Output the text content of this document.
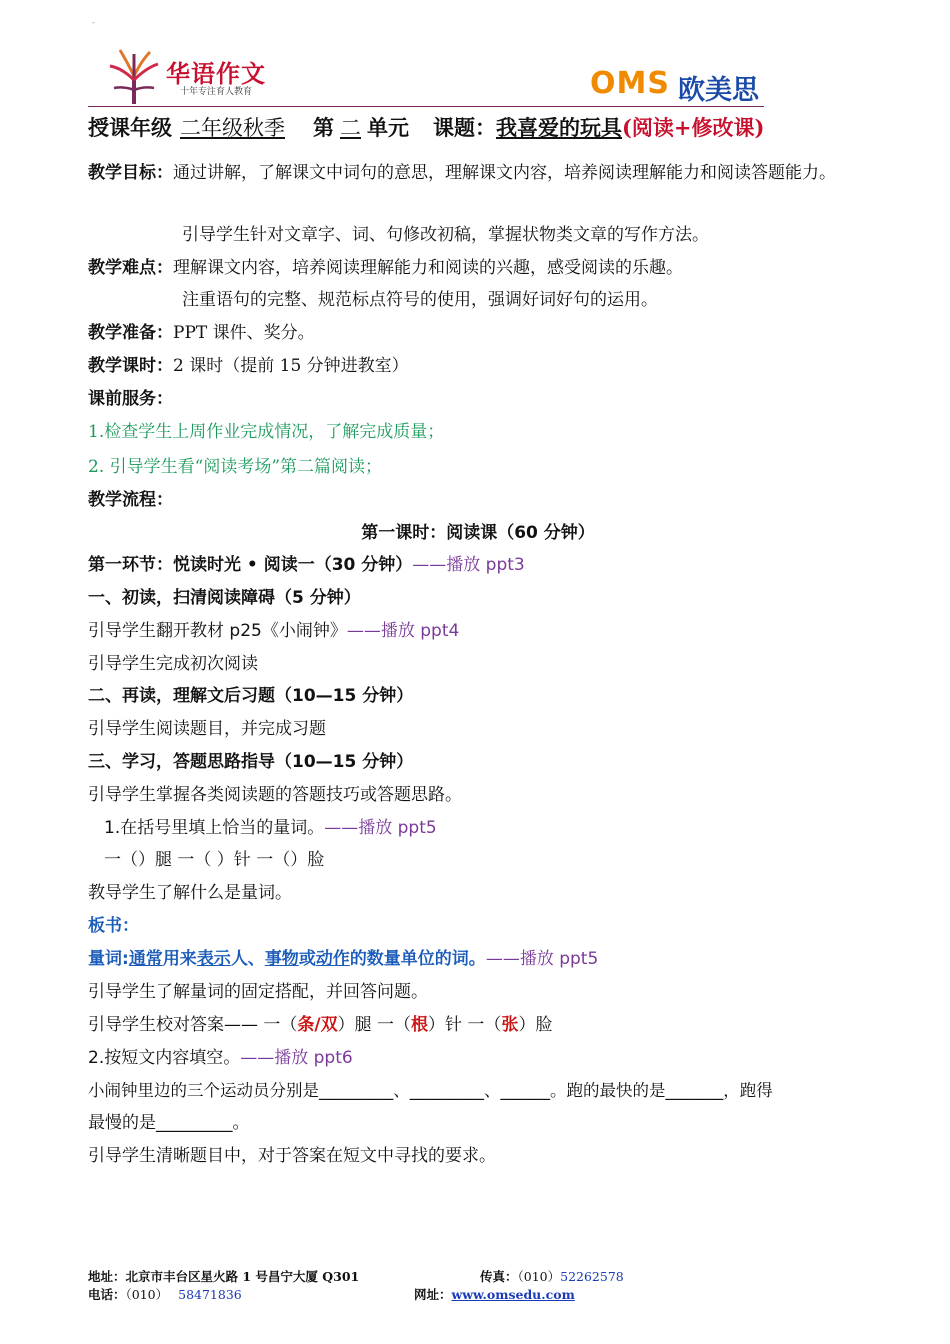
-
华语作文
十年专注育人教育	OMS 欧美思
授课年级 二年级秋季 第 二 单元 课题：我喜爱的玩具(阅读+修改课)
教学目标：通过讲解，了解课文中词句的意思，理解课文内容，培养阅读理解能力和阅读答题能力。
引导学生针对文章字、词、句修改初稿，掌握状物类文章的写作方法。
教学难点：理解课文内容，培养阅读理解能力和阅读的兴趣，感受阅读的乐趣。
注重语句的完整、规范标点符号的使用，强调好词好句的运用。
教学准备：PPT 课件、奖分。
教学课时：2 课时（提前 15 分钟进教室）
课前服务：
1.检查学生上周作业完成情况，了解完成质量；
2. 引导学生看“阅读考场”第二篇阅读；
教学流程：
第一课时：阅读课（60 分钟）
第一环节：悦读时光 • 阅读一（30 分钟）——播放 ppt3
一、初读，扫清阅读障碍（5 分钟）
引导学生翻开教材 p25《小闹钟》——播放 ppt4
引导学生完成初次阅读
二、再读，理解文后习题（10—15 分钟）
引导学生阅读题目，并完成习题
三、学习，答题思路指导（10—15 分钟）
引导学生掌握各类阅读题的答题技巧或答题思路。
1.在括号里填上恰当的量词。——播放 ppt5
一（）腿 一（ ）针 一（）脸
教导学生了解什么是量词。
板书：
量词:通常用来表示人、事物或动作的数量单位的词。——播放 ppt5
引导学生了解量词的固定搭配，并回答问题。
引导学生校对答案—— 一（条/双）腿 一（根）针 一（张）脸
2.按短文内容填空。——播放 ppt6
小闹钟里边的三个运动员分别是_________、_________、______。跑的最快的是_______，跑得
最慢的是_________。
引导学生清晰题目中，对于答案在短文中寻找的要求。
地址：北京市丰台区星火路 1 号昌宁大厦 Q301	传真：（010）52262578
电话：（010） 58471836	网址：www.omsedu.com
